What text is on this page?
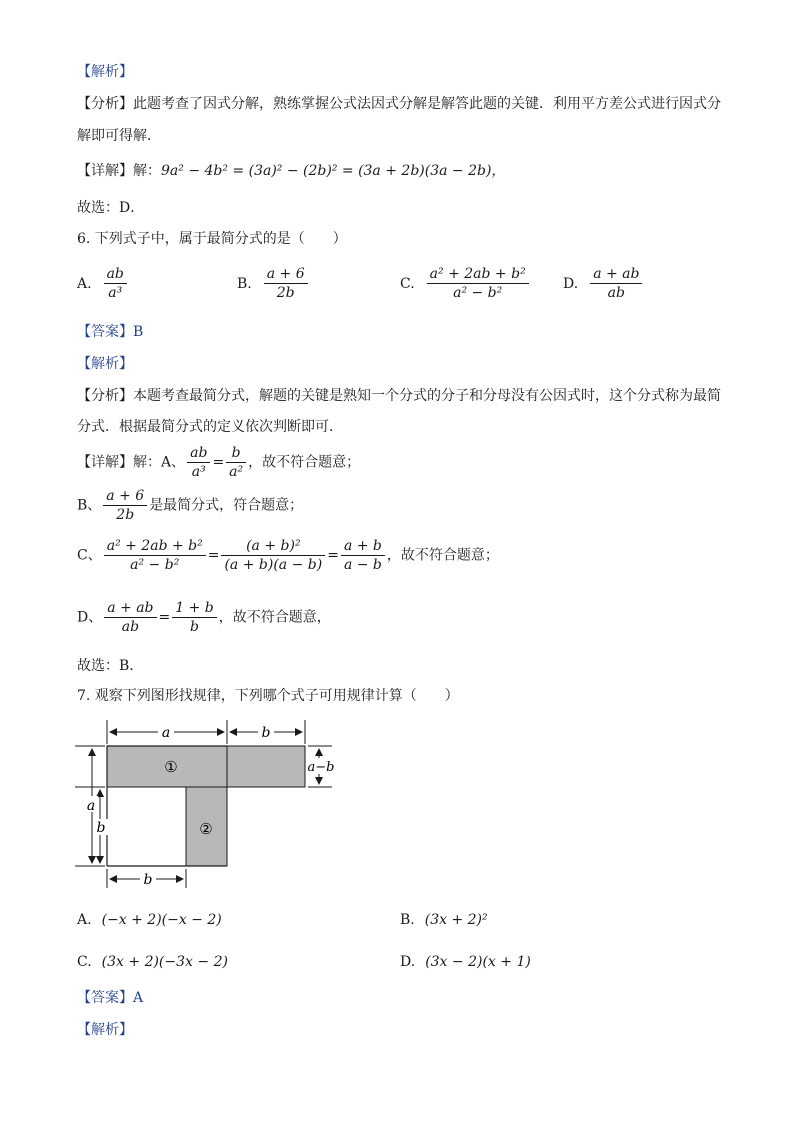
【解析】
【分析】此题考查了因式分解，熟练掌握公式法因式分解是解答此题的关键．利用平方差公式进行因式分
解即可得解．
【详解】解：9a² − 4b² = (3a)² − (2b)² = (3a + 2b)(3a − 2b)，
故选：D．
6. 下列式子中，属于最简分式的是（　　）
A. $\frac{ab}{\text{a³}}$	B. $\frac{a + 6}{2b}$	C. $\frac{\text{a² + 2ab + b²}}{\text{a² − b²}} D$. $\frac{a + ab}{ab}$
【答案】B
【解析】
【分析】本题考查最简分式，解题的关键是熟知一个分式的分子和分母没有公因式时，这个分式称为最简
分式．根据最简分式的定义依次判断即可．
【详解】解：A、 $\frac{ab}{\text{a³}} = \frac{b}{\text{a²}}$ ，故不符合题意；
B、 $\frac{a + 6}{2b}$ 是最简分式，符合题意；
C、 $\frac{\text{a² + 2ab + b²}}{\text{a² − b²}} = \frac{\text{(a + b)²}}{(a + b)(a - b)} = \frac{a + b}{a - b}$ ，故不符合题意；
D、 $\frac{a + ab}{ab} = \frac{1 + b}{b}$ ，故不符合题意，
故选：B．
7. 观察下列图形找规律，下列哪个式子可用规律计算（　　）
a	b
a−b
a
b
b
①
②
A. (−x + 2)(−x − 2)	B. (3x + 2)²
C. (3x + 2)(−3x − 2)	D. (3x − 2)(x + 1)
【答案】A
【解析】
